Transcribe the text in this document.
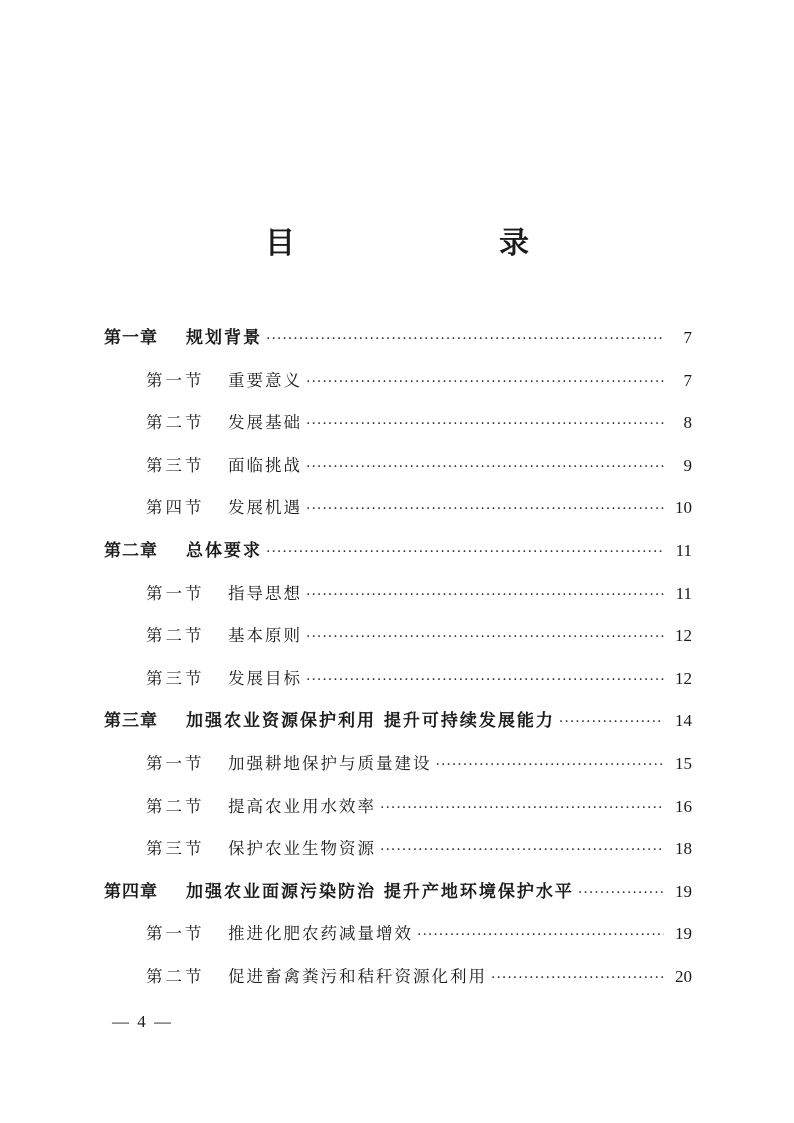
目　　录
第一章	规划背景 ·····	7
第一节	重要意义 ·····	7
第二节	发展基础 ·····	8
第三节	面临挑战 ·····	9
第四节	发展机遇 ·····	10
第二章	总体要求 ·····	11
第一节	指导思想 ·····	11
第二节	基本原则 ·····	12
第三节	发展目标 ·····	12
第三章	加强农业资源保护利用 提升可持续发展能力 ·····	14
第一节	加强耕地保护与质量建设 ·····	15
第二节	提高农业用水效率 ·····	16
第三节	保护农业生物资源 ·····	18
第四章	加强农业面源污染防治 提升产地环境保护水平 ·····	19
第一节	推进化肥农药减量增效 ·····	19
第二节	促进畜禽粪污和秸秆资源化利用 ·····	20
— 4 —
